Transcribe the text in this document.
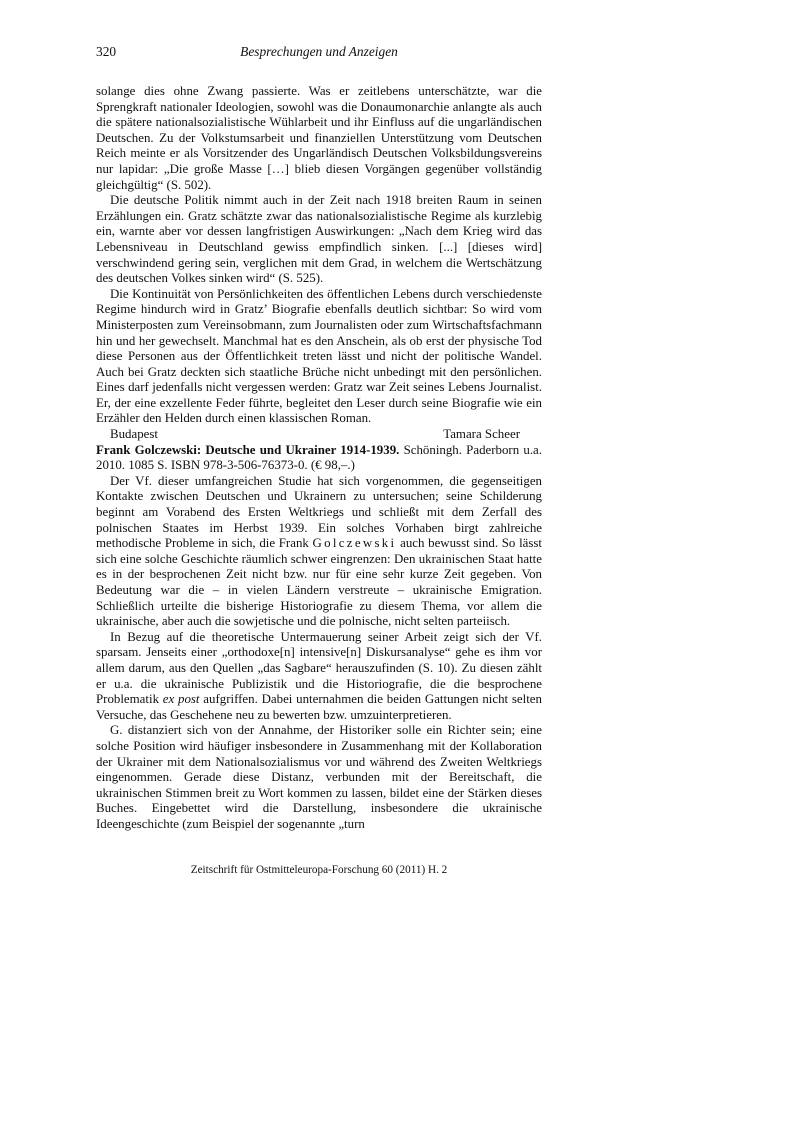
320	Besprechungen und Anzeigen

solange dies ohne Zwang passierte. Was er zeitlebens unterschätzte, war die Sprengkraft nationaler Ideologien, sowohl was die Donaumonarchie anlangte als auch die spätere nationalsozialistische Wühlarbeit und ihr Einfluss auf die ungarländischen Deutschen. Zu der Volkstumsarbeit und finanziellen Unterstützung vom Deutschen Reich meinte er als Vorsitzender des Ungarländisch Deutschen Volksbildungsvereins nur lapidar: „Die große Masse […] blieb diesen Vorgängen gegenüber vollständig gleichgültig“ (S. 502).

Die deutsche Politik nimmt auch in der Zeit nach 1918 breiten Raum in seinen Erzählungen ein. Gratz schätzte zwar das nationalsozialistische Regime als kurzlebig ein, warnte aber vor dessen langfristigen Auswirkungen: „Nach dem Krieg wird das Lebensniveau in Deutschland gewiss empfindlich sinken. [...] [dieses wird] verschwindend gering sein, verglichen mit dem Grad, in welchem die Wertschätzung des deutschen Volkes sinken wird“ (S. 525).

Die Kontinuität von Persönlichkeiten des öffentlichen Lebens durch verschiedenste Regime hindurch wird in Gratz’ Biografie ebenfalls deutlich sichtbar: So wird vom Ministerposten zum Vereinsobmann, zum Journalisten oder zum Wirtschaftsfachmann hin und her gewechselt. Manchmal hat es den Anschein, als ob erst der physische Tod diese Personen aus der Öffentlichkeit treten lässt und nicht der politische Wandel. Auch bei Gratz deckten sich staatliche Brüche nicht unbedingt mit den persönlichen. Eines darf jedenfalls nicht vergessen werden: Gratz war Zeit seines Lebens Journalist. Er, der eine exzellente Feder führte, begleitet den Leser durch seine Biografie wie ein Erzähler den Helden durch einen klassischen Roman.

Budapest	Tamara Scheer

Frank Golczewski: Deutsche und Ukrainer 1914-1939. Schöningh. Paderborn u.a. 2010. 1085 S. ISBN 978-3-506-76373-0. (€ 98,–.)

Der Vf. dieser umfangreichen Studie hat sich vorgenommen, die gegenseitigen Kontakte zwischen Deutschen und Ukrainern zu untersuchen; seine Schilderung beginnt am Vorabend des Ersten Weltkriegs und schließt mit dem Zerfall des polnischen Staates im Herbst 1939. Ein solches Vorhaben birgt zahlreiche methodische Probleme in sich, die Frank Golczewski auch bewusst sind. So lässt sich eine solche Geschichte räumlich schwer eingrenzen: Den ukrainischen Staat hatte es in der besprochenen Zeit nicht bzw. nur für eine sehr kurze Zeit gegeben. Von Bedeutung war die – in vielen Ländern verstreute – ukrainische Emigration. Schließlich urteilte die bisherige Historiografie zu diesem Thema, vor allem die ukrainische, aber auch die sowjetische und die polnische, nicht selten parteiisch.

In Bezug auf die theoretische Untermauerung seiner Arbeit zeigt sich der Vf. sparsam. Jenseits einer „orthodoxe[n] intensive[n] Diskursanalyse“ gehe es ihm vor allem darum, aus den Quellen „das Sagbare“ herauszufinden (S. 10). Zu diesen zählt er u.a. die ukrainische Publizistik und die Historiografie, die die besprochene Problematik ex post aufgriffen. Dabei unternahmen die beiden Gattungen nicht selten Versuche, das Geschehene neu zu bewerten bzw. umzuinterpretieren.

G. distanziert sich von der Annahme, der Historiker solle ein Richter sein; eine solche Position wird häufiger insbesondere in Zusammenhang mit der Kollaboration der Ukrainer mit dem Nationalsozialismus vor und während des Zweiten Weltkriegs eingenommen. Gerade diese Distanz, verbunden mit der Bereitschaft, die ukrainischen Stimmen breit zu Wort kommen zu lassen, bildet eine der Stärken dieses Buches. Eingebettet wird die Darstellung, insbesondere die ukrainische Ideengeschichte (zum Beispiel der sogenannte „turn

Zeitschrift für Ostmitteleuropa-Forschung 60 (2011) H. 2
